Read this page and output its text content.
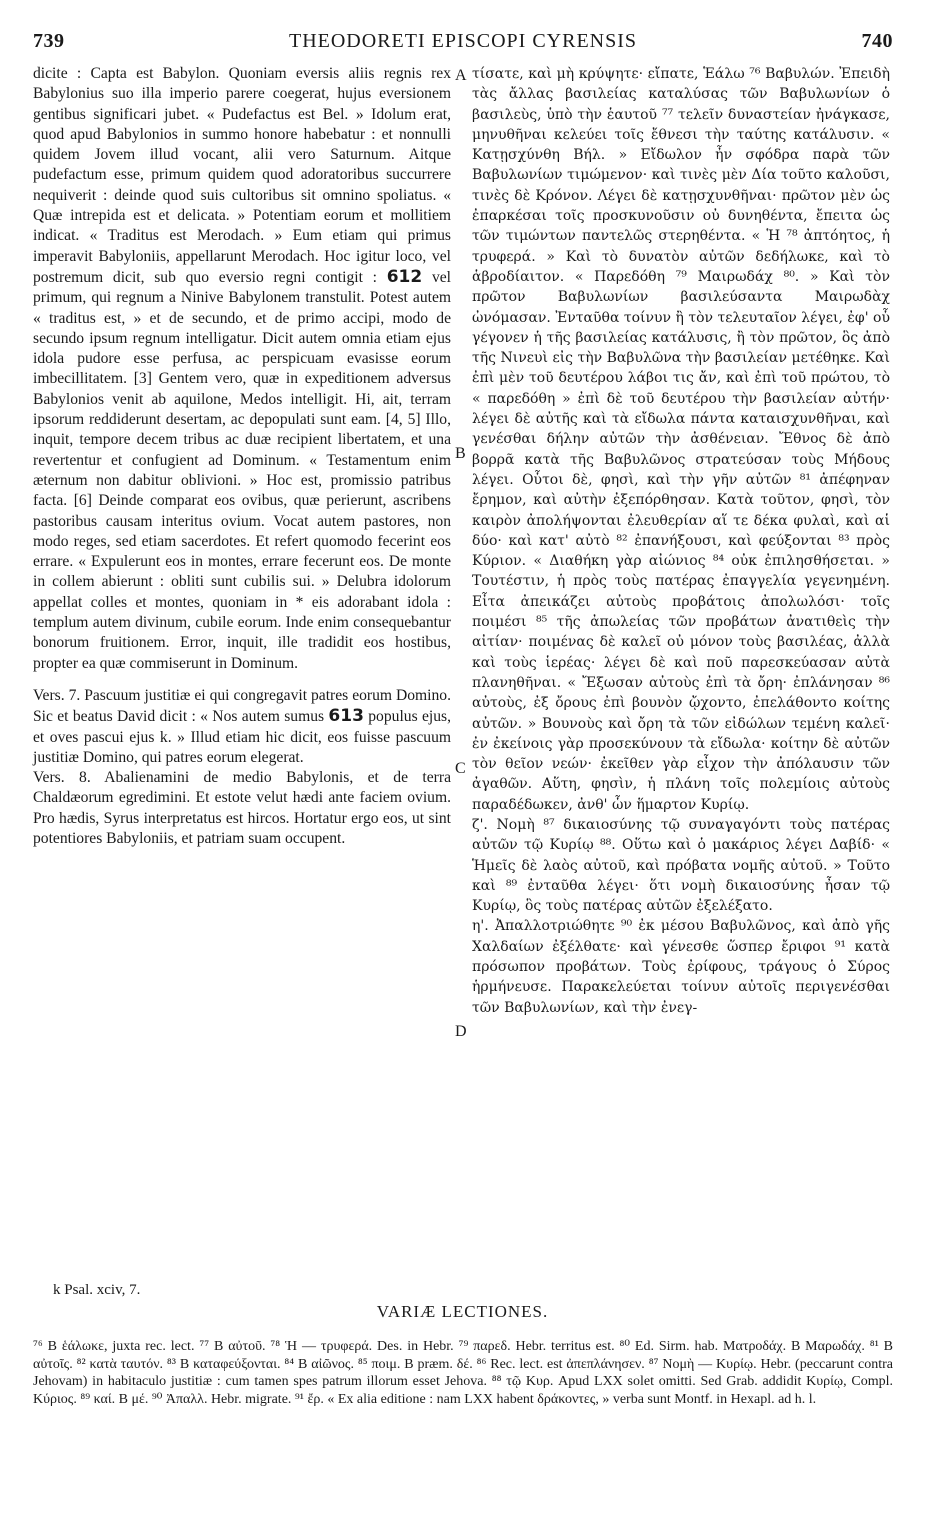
739	THEODORETI EPISCOPI CYRENSIS	740

dicite : Capta est Babylon. Quoniam eversis aliis regnis rex Babylonius suo illa imperio parere coegerat, hujus eversionem gentibus significari jubet. « Pudefactus est Bel. » Idolum erat, quod apud Babylonios in summo honore habebatur : et nonnulli quidem Jovem illud vocant, alii vero Saturnum. Aitque pudefactum esse, primum quidem quod adoratoribus succurrere nequiverit : deinde quod suis cultoribus sit omnino spoliatus. « Quæ intrepida est et delicata. » Potentiam eorum et mollitiem indicat. « Traditus est Merodach. » Eum etiam qui primus imperavit Babyloniis, appellarunt Merodach. Hoc igitur loco, vel postremum dicit, sub quo eversio regni contigit : 612 vel primum, qui regnum a Ninive Babylonem transtulit. Potest autem « traditus est, » et de secundo, et de primo accipi, modo de secundo ipsum regnum intelligatur. Dicit autem omnia etiam ejus idola pudore esse perfusa, ac perspicuam evasisse eorum imbecillitatem. [3] Gentem vero, quæ in expeditionem adversus Babylonios venit ab aquilone, Medos intelligit. Hi, ait, terram ipsorum reddiderunt desertam, ac depopulati sunt eam. [4, 5] Illo, inquit, tempore decem tribus ac duæ recipient libertatem, et una revertentur et confugient ad Dominum. « Testamentum enim æternum non dabitur oblivioni. » Hoc est, promissio patribus facta. [6] Deinde comparat eos ovibus, quæ perierunt, ascribens pastoribus causam interitus ovium. Vocat autem pastores, non modo reges, sed etiam sacerdotes. Et refert quomodo fecerint eos errare. « Expulerunt eos in montes, errare fecerunt eos. De monte in collem abierunt : obliti sunt cubilis sui. » Delubra idolorum appellat colles et montes, quoniam in * eis adorabant idola : templum autem divinum, cubile eorum. Inde enim consequebantur bonorum fruitionem. Error, inquit, ille tradidit eos hostibus, propter ea quæ commiserunt in Dominum.

Vers. 7. Pascuum justitiæ ei qui congregavit patres eorum Domino. Sic et beatus David dicit : « Nos autem sumus 613 populus ejus, et oves pascui ejus k. » Illud etiam hic dicit, eos fuisse pascuum justitiæ Domino, qui patres eorum elegerat.

Vers. 8. Abalienamini de medio Babylonis, et de terra Chaldæorum egredimini. Et estote velut hædi ante faciem ovium. Pro hædis, Syrus interpretatus est hircos. Hortatur ergo eos, ut sint potentiores Babyloniis, et patriam suam occupent.

τίσατε, καὶ μὴ κρύψητε· εἴπατε, Ἑάλω ⁷⁶ Βαβυλών. Ἐπειδὴ τὰς ἄλλας βασιλείας καταλύσας τῶν Βαβυλωνίων ὁ βασιλεὺς, ὑπὸ τὴν ἑαυτοῦ ⁷⁷ τελεῖν δυναστείαν ἠνάγκασε, μηνυθῆναι κελεύει τοῖς ἔθνεσι τὴν ταύτης κατάλυσιν. « Κατῃσχύνθη Βήλ. » Εἴδωλον ἦν σφόδρα παρὰ τῶν Βαβυλωνίων τιμώμενον· καὶ τινὲς μὲν Δία τοῦτο καλοῦσι, τινὲς δὲ Κρόνον. Λέγει δὲ κατῃσχυνθῆναι· πρῶτον μὲν ὡς ἐπαρκέσαι τοῖς προσκυνοῦσιν οὐ δυνηθέντα, ἔπειτα ὡς τῶν τιμώντων παντελῶς στερηθέντα. « Ἡ ⁷⁸ ἀπτόητος, ἡ τρυφερά. » Καὶ τὸ δυνατὸν αὐτῶν δεδήλωκε, καὶ τὸ ἁβροδίαιτον. « Παρεδόθη ⁷⁹ Μαιρωδάχ ⁸⁰. » Καὶ τὸν πρῶτον Βαβυλωνίων βασιλεύσαντα Μαιρωδὰχ ὠνόμασαν. Ἐνταῦθα τοίνυν ἢ τὸν τελευταῖον λέγει, ἐφ' οὗ γέγονεν ἡ τῆς βασιλείας κατάλυσις, ἢ τὸν πρῶτον, ὃς ἀπὸ τῆς Νινευὶ εἰς τὴν Βαβυλῶνα τὴν βασιλείαν μετέθηκε. Καὶ ἐπὶ μὲν τοῦ δευτέρου λάβοι τις ἄν, καὶ ἐπὶ τοῦ πρώτου, τὸ « παρεδόθη » ἐπὶ δὲ τοῦ δευτέρου τὴν βασιλείαν αὐτήν· λέγει δὲ αὐτῆς καὶ τὰ εἴδωλα πάντα καταισχυνθῆναι, καὶ γενέσθαι δήλην αὐτῶν τὴν ἀσθένειαν. Ἔθνος δὲ ἀπὸ βορρᾶ κατὰ τῆς Βαβυλῶνος στρατεύσαν τοὺς Μήδους λέγει. Οὗτοι δὲ, φησὶ, καὶ τὴν γῆν αὐτῶν ⁸¹ ἀπέφηναν ἔρημον, καὶ αὐτὴν ἐξεπόρθησαν. Κατὰ τοῦτον, φησὶ, τὸν καιρὸν ἀπολήψονται ἐλευθερίαν αἵ τε δέκα φυλαὶ, καὶ αἱ δύο· καὶ κατ' αὐτὸ ⁸² ἐπανήξουσι, καὶ φεύξονται ⁸³ πρὸς Κύριον. « Διαθήκη γὰρ αἰώνιος ⁸⁴ οὐκ ἐπιλησθήσεται. » Τουτέστιν, ἡ πρὸς τοὺς πατέρας ἐπαγγελία γεγενημένη. Εἶτα ἀπεικάζει αὐτοὺς προβάτοις ἀπολωλόσι· τοῖς ποιμέσι ⁸⁵ τῆς ἀπωλείας τῶν προβάτων ἀνατιθεὶς τὴν αἰτίαν· ποιμένας δὲ καλεῖ οὐ μόνον τοὺς βασιλέας, ἀλλὰ καὶ τοὺς ἱερέας· λέγει δὲ καὶ ποῦ παρεσκεύασαν αὐτὰ πλανηθῆναι. « Ἔξωσαν αὐτοὺς ἐπὶ τὰ ὄρη· ἐπλάνησαν ⁸⁶ αὐτοὺς, ἐξ ὄρους ἐπὶ βουνὸν ᾤχοντο, ἐπελάθοντο κοίτης αὐτῶν. » Βουνοὺς καὶ ὄρη τὰ τῶν εἰδώλων τεμένη καλεῖ· ἐν ἐκείνοις γὰρ προσεκύνουν τὰ εἴδωλα· κοίτην δὲ αὐτῶν τὸν θεῖον νεών· ἐκεῖθεν γὰρ εἶχον τὴν ἀπόλαυσιν τῶν ἀγαθῶν. Αὕτη, φησὶν, ἡ πλάνη τοῖς πολεμίοις αὐτοὺς παραδέδωκεν, ἀνθ' ὧν ἥμαρτον Κυρίῳ.

ζ'. Νομὴ ⁸⁷ δικαιοσύνης τῷ συναγαγόντι τοὺς πατέρας αὐτῶν τῷ Κυρίῳ ⁸⁸. Οὕτω καὶ ὁ μακάριος λέγει Δαβίδ· « Ἡμεῖς δὲ λαὸς αὐτοῦ, καὶ πρόβατα νομῆς αὐτοῦ. » Τοῦτο καὶ ⁸⁹ ἐνταῦθα λέγει· ὅτι νομὴ δικαιοσύνης ἦσαν τῷ Κυρίῳ, ὃς τοὺς πατέρας αὐτῶν ἐξελέξατο.

η'. Ἀπαλλοτριώθητε ⁹⁰ ἐκ μέσου Βαβυλῶνος, καὶ ἀπὸ γῆς Χαλδαίων ἐξέλθατε· καὶ γένεσθε ὥσπερ ἔριφοι ⁹¹ κατὰ πρόσωπον προβάτων. Τοὺς ἐρίφους, τράγους ὁ Σύρος ἡρμήνευσε. Παρακελεύεται τοίνυν αὐτοῖς περιγενέσθαι τῶν Βαβυλωνίων, καὶ τὴν ἐνεγ-

A
B
C
D
k Psal. xciv, 7.
VARIÆ LECTIONES.
⁷⁶ B ἑάλωκε, juxta rec. lect. ⁷⁷ B αὐτοῦ. ⁷⁸ Ἡ — τρυφερά. Des. in Hebr. ⁷⁹ παρεδ. Hebr. territus est. ⁸⁰ Ed. Sirm. hab. Ματροδάχ. B Μαρωδάχ. ⁸¹ B αὐτοῖς. ⁸² κατὰ ταυτόν. ⁸³ B καταφεύξονται. ⁸⁴ B αἰῶνος. ⁸⁵ ποιμ. B præm. δέ. ⁸⁶ Rec. lect. est ἀπεπλάνησεν. ⁸⁷ Νομὴ — Κυρίῳ. Hebr. (peccarunt contra Jehovam) in habitaculo justitiæ : cum tamen spes patrum illorum esset Jehova. ⁸⁸ τῷ Κυρ. Apud LXX solet omitti. Sed Grab. addidit Κυρίῳ, Compl. Κύριος. ⁸⁹ καί. B μέ. ⁹⁰ Ἀπαλλ. Hebr. migrate. ⁹¹ ἔρ. « Ex alia editione : nam LXX habent δράκοντες, » verba sunt Montf. in Hexapl. ad h. l.
